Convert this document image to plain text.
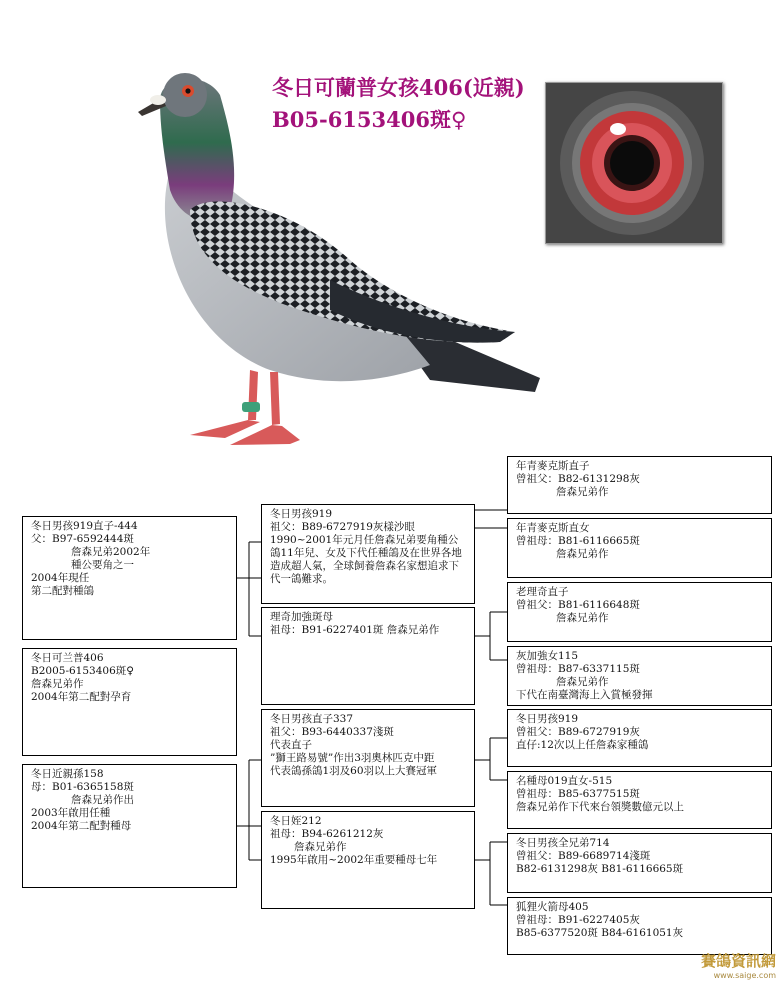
冬日可蘭普女孩406(近親)
B05-6153406斑♀
冬日男孩919直子-444
父：B97-6592444斑
詹森兄弟2002年
種公要角之一
2004年現任
第二配對種鴿
冬日可兰普406
B2005-6153406斑♀
詹森兄弟作
2004年第二配對孕育
冬日近親孫158
母：B01-6365158斑
詹森兄弟作出
2003年啟用任種
2004年第二配對種母
冬日男孩919
祖父：B89-6727919灰樣沙眼
1990~2001年元月任詹森兄弟要角種公鴿11年兒、女及下代任種鴿及在世界各地造成超人氣，全球飼養詹森名家想追求下代一鴿難求。
理奇加強斑母
祖母：B91-6227401斑 詹森兄弟作
冬日男孩直子337
祖父：B93-6440337淺斑
代表直子
”獅王路易號”作出3羽奧林匹克中距
代表鴿孫鴿1羽及60羽以上大賽冠軍
冬日姪212
祖母：B94-6261212灰
詹森兄弟作
1995年啟用~2002年重要種母七年
年青麥克斯直子
曾祖父：B82-6131298灰
詹森兄弟作
年青麥克斯直女
曾祖母：B81-6116665斑
詹森兄弟作
老理奇直子
曾祖父：B81-6116648斑
詹森兄弟作
灰加強女115
曾祖母：B87-6337115斑
詹森兄弟作
下代在南臺灣海上入賞極發揮
冬日男孩919
曾祖父：B89-6727919灰
直仔:12次以上任詹森家種鴿
名種母019直女-515
曾祖母：B85-6377515斑
詹森兄弟作下代來台領獎數億元以上
冬日男孩全兄弟714
曾祖父：B89-6689714淺斑
B82-6131298灰 B81-6116665斑
狐狸火箭母405
曾祖母：B91-6227405灰
B85-6377520斑 B84-6161051灰
賽鴿資訊網
www.saige.com
